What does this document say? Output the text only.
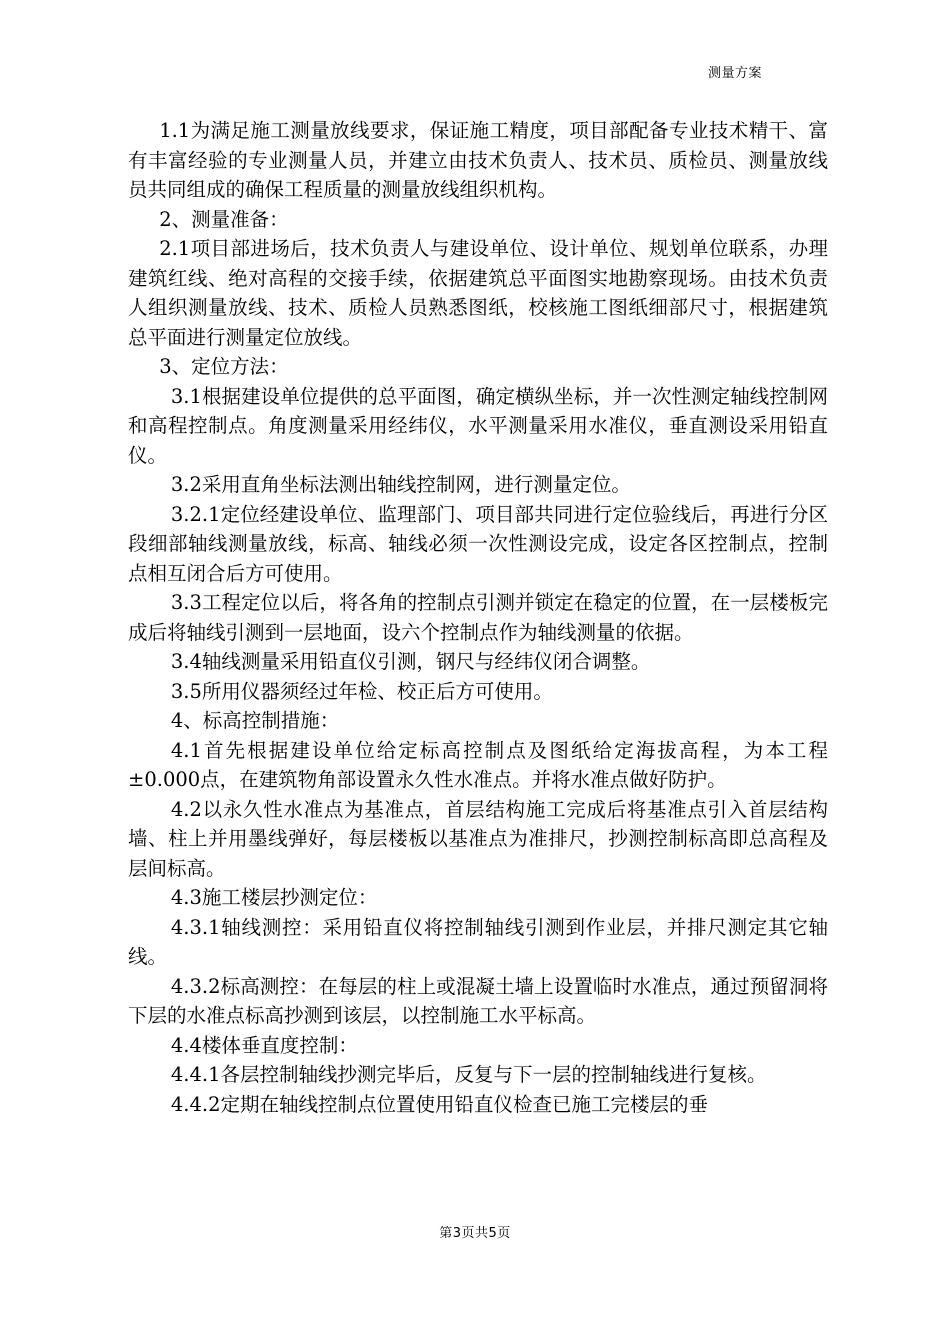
测量方案

1.1为满足施工测量放线要求，保证施工精度，项目部配备专业技术精干、富有丰富经验的专业测量人员，并建立由技术负责人、技术员、质检员、测量放线员共同组成的确保工程质量的测量放线组织机构。

2、测量准备：

2.1项目部进场后，技术负责人与建设单位、设计单位、规划单位联系，办理建筑红线、绝对高程的交接手续，依据建筑总平面图实地勘察现场。由技术负责人组织测量放线、技术、质检人员熟悉图纸，校核施工图纸细部尺寸，根据建筑总平面进行测量定位放线。

3、定位方法：

3.1根据建设单位提供的总平面图，确定横纵坐标，并一次性测定轴线控制网和高程控制点。角度测量采用经纬仪，水平测量采用水准仪，垂直测设采用铅直仪。

3.2采用直角坐标法测出轴线控制网，进行测量定位。

3.2.1定位经建设单位、监理部门、项目部共同进行定位验线后，再进行分区段细部轴线测量放线，标高、轴线必须一次性测设完成，设定各区控制点，控制点相互闭合后方可使用。

3.3工程定位以后，将各角的控制点引测并锁定在稳定的位置，在一层楼板完成后将轴线引测到一层地面，设六个控制点作为轴线测量的依据。

3.4轴线测量采用铅直仪引测，钢尺与经纬仪闭合调整。

3.5所用仪器须经过年检、校正后方可使用。

4、标高控制措施：

4.1首先根据建设单位给定标高控制点及图纸给定海拔高程，为本工程±0.000点，在建筑物角部设置永久性水准点。并将水准点做好防护。

4.2以永久性水准点为基准点，首层结构施工完成后将基准点引入首层结构墙、柱上并用墨线弹好，每层楼板以基准点为准排尺，抄测控制标高即总高程及层间标高。

4.3施工楼层抄测定位：

4.3.1轴线测控：采用铅直仪将控制轴线引测到作业层，并排尺测定其它轴线。

4.3.2标高测控：在每层的柱上或混凝土墙上设置临时水准点，通过预留洞将下层的水准点标高抄测到该层，以控制施工水平标高。

4.4楼体垂直度控制：

4.4.1各层控制轴线抄测完毕后，反复与下一层的控制轴线进行复核。

4.4.2定期在轴线控制点位置使用铅直仪检查已施工完楼层的垂

第3页共5页
